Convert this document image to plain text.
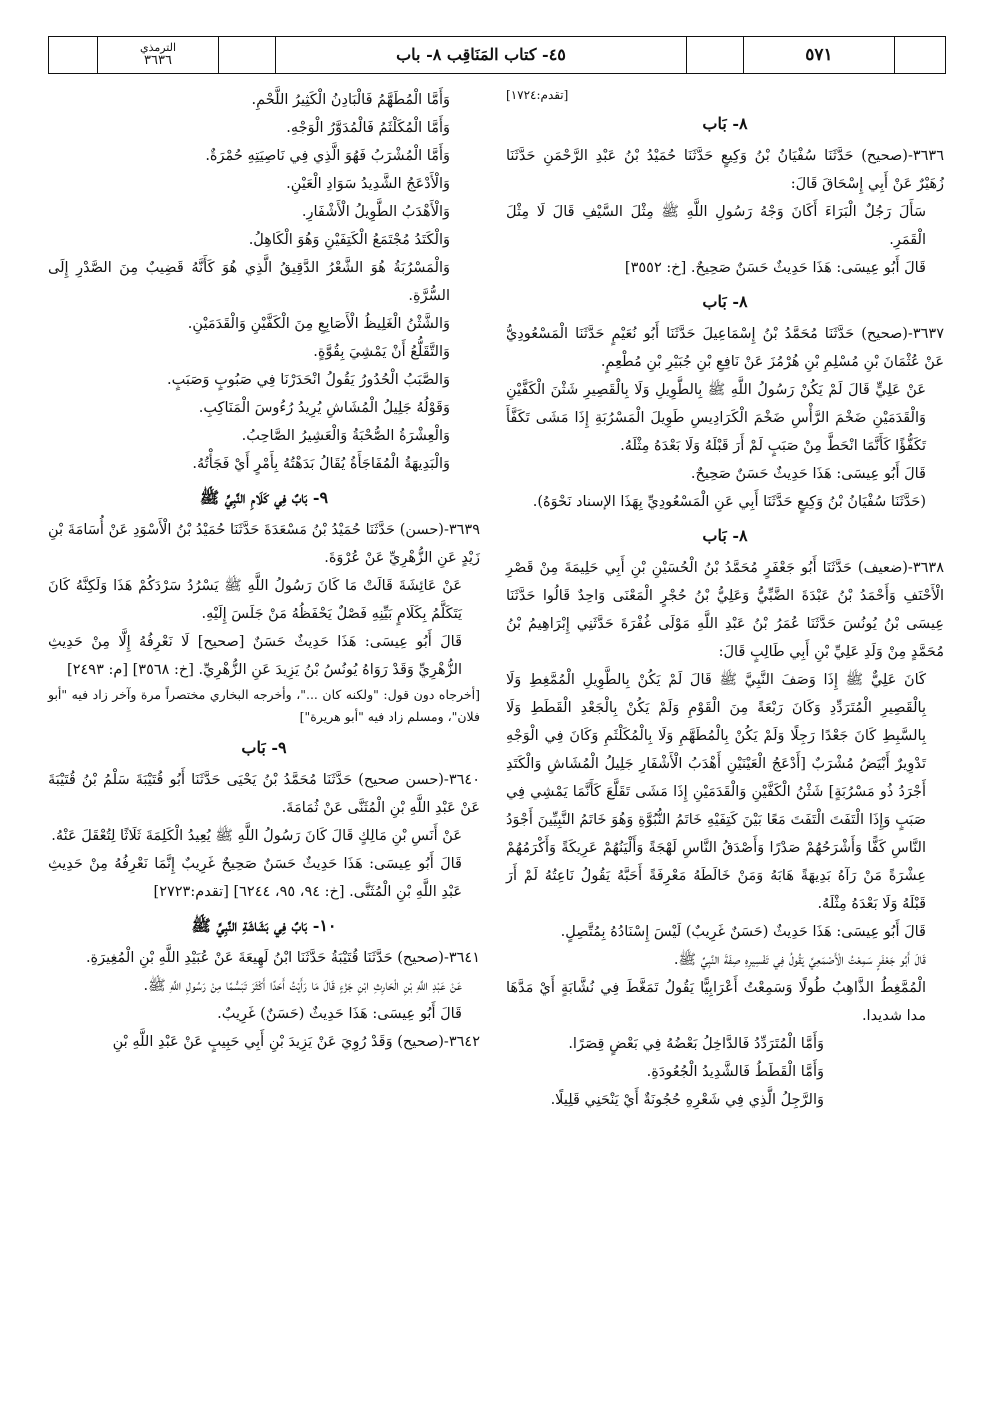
الترمذي
٣٦٣٦	٤٥- كتاب المَنَاقِب ٨- باب	٥٧١

[تقدم:١٧٢٤]

٨- بَاب

٣٦٣٦-(صحيح) حَدَّثَنَا سُفْيَانُ بْنُ وَكِيعٍ حَدَّثَنَا حُمَيْدُ بْنُ عَبْدِ الرَّحْمَنِ حَدَّثَنَا زُهَيْرٌ عَنْ أَبِي إِسْحَاقَ قَالَ:

سَأَلَ رَجُلٌ الْبَرَاءَ أَكَانَ وَجْهُ رَسُولِ اللَّهِ ﷺ مِثْلَ السَّيْفِ قَالَ لَا مِثْلَ الْقَمَرِ.

قَالَ أَبُو عِيسَى: هَذَا حَدِيثٌ حَسَنٌ صَحِيحٌ. [خ: ٣٥٥٢]

٨- بَاب

٣٦٣٧-(صحيح) حَدَّثَنَا مُحَمَّدُ بْنُ إِسْمَاعِيلَ حَدَّثَنَا أَبُو نُعَيْمٍ حَدَّثَنَا الْمَسْعُودِيُّ عَنْ عُثْمَانَ بْنِ مُسْلِمِ بْنِ هُرْمُزَ عَنْ نَافِعِ بْنِ جُبَيْرِ بْنِ مُطْعِمٍ.

عَنْ عَلِيٍّ قَالَ لَمْ يَكُنْ رَسُولُ اللَّهِ ﷺ بِالطَّوِيلِ وَلَا بِالْقَصِيرِ شَثْنَ الْكَفَّيْنِ وَالْقَدَمَيْنِ ضَخْمَ الرَّأْسِ ضَخْمَ الْكَرَادِيسِ طَوِيلَ الْمَسْرُبَةِ إِذَا مَشَى تَكَفَّأَ تَكَفُّؤًا كَأَنَّمَا انْحَطَّ مِنْ صَبَبٍ لَمْ أَرَ قَبْلَهُ وَلَا بَعْدَهُ مِثْلَهُ.

قَالَ أَبُو عِيسَى: هَذَا حَدِيثٌ حَسَنٌ صَحِيحٌ.

(حَدَّثَنَا سُفْيَانُ بْنُ وَكِيعٍ حَدَّثَنَا أَبِي عَنِ الْمَسْعُودِيِّ بِهَذَا الإسناد نَحْوَهُ).

٨- بَاب

٣٦٣٨-(ضعيف) حَدَّثَنَا أَبُو جَعْفَرٍ مُحَمَّدُ بْنُ الْحُسَيْنِ بْنِ أَبِي حَلِيمَةَ مِنْ قَصْرِ الْأَحْنَفِ وَأَحْمَدُ بْنُ عَبْدَةَ الضَّبِّيُّ وَعَلِيُّ بْنُ حُجْرٍ الْمَعْنَى وَاحِدٌ قَالُوا حَدَّثَنَا عِيسَى بْنُ يُونُسَ حَدَّثَنَا عُمَرُ بْنُ عَبْدِ اللَّهِ مَوْلَى غُفْرَةَ حَدَّثَنِي إِبْرَاهِيمُ بْنُ مُحَمَّدٍ مِنْ وَلَدِ عَلِيِّ بْنِ أَبِي طَالِبٍ قَالَ:

كَانَ عَلِيٌّ ﷺ إِذَا وَصَفَ النَّبِيَّ ﷺ قَالَ لَمْ يَكُنْ بِالطَّوِيلِ الْمُمَّغِطِ وَلَا بِالْقَصِيرِ الْمُتَرَدِّدِ وَكَانَ رَبْعَةً مِنَ الْقَوْمِ وَلَمْ يَكُنْ بِالْجَعْدِ الْقَطَطِ وَلَا بِالسَّبِطِ كَانَ جَعْدًا رَجِلًا وَلَمْ يَكُنْ بِالْمُطَهَّمِ وَلَا بِالْمُكَلْثَمِ وَكَانَ فِي الْوَجْهِ تَدْوِيرٌ أَبْيَضُ مُشْرَبٌ [أَدْعَجُ الْعَيْنَيْنِ أَهْدَبُ الْأَشْفَارِ جَلِيلُ الْمُشَاشِ وَالْكَتَدِ أَجْرَدُ ذُو مَسْرُبَةٍ] شَثْنُ الْكَفَّيْنِ وَالْقَدَمَيْنِ إِذَا مَشَى تَقَلَّعَ كَأَنَّمَا يَمْشِي فِي صَبَبٍ وَإِذَا الْتَفَتَ الْتَفَتَ مَعًا بَيْنَ كَتِفَيْهِ خَاتَمُ النُّبُوَّةِ وَهُوَ خَاتَمُ النَّبِيِّينَ أَجْوَدُ النَّاسِ كَفًّا وَأَشْرَحُهُمْ صَدْرًا وَأَصْدَقُ النَّاسِ لَهْجَةً وَأَلْيَنُهُمْ عَرِيكَةً وَأَكْرَمُهُمْ عِشْرَةً مَنْ رَآهُ بَدِيهَةً هَابَهُ وَمَنْ خَالَطَهُ مَعْرِفَةً أَحَبَّهُ يَقُولُ نَاعِتُهُ لَمْ أَرَ قَبْلَهُ وَلَا بَعْدَهُ مِثْلَهُ.

قَالَ أَبُو عِيسَى: هَذَا حَدِيثٌ (حَسَنٌ غَرِيبٌ) لَيْسَ إِسْنَادُهُ بِمُتَّصِلٍ.

قَالَ أَبُو جَعْفَرٍ سَمِعْتُ الْأَصْمَعِيَّ يَقُولُ فِي تَفْسِيرِهِ صِفَةَ النَّبِيِّ ﷺ.

الْمُمَّغِطُ الذَّاهِبُ طُولًا وَسَمِعْتُ أَعْرَابِيًّا يَقُولُ تَمَغَّطَ فِي نُشَّابَةٍ أَيْ مَدَّهَا مدا شديدا.

وَأَمَّا الْمُتَرَدِّدُ فَالدَّاخِلُ بَعْضُهُ فِي بَعْضٍ قِصَرًا.

وَأَمَّا الْقَطَطُ فَالشَّدِيدُ الْجُعُودَةِ.

وَالرَّجِلُ الَّذِي فِي شَعْرِهِ حُجُونَةٌ أَيْ يَنْحَنِي قَلِيلًا.

وَأَمَّا الْمُطَهَّمُ فَالْبَادِنُ الْكَثِيرُ اللَّحْمِ.

وَأَمَّا الْمُكَلْثَمُ فَالْمُدَوَّرُ الْوَجْهِ.

وَأَمَّا الْمُشْرَبُ فَهُوَ الَّذِي فِي نَاصِيَتِهِ حُمْرَةٌ.

وَالْأَدْعَجُ الشَّدِيدُ سَوَادِ الْعَيْنِ.

وَالْأَهْدَبُ الطَّوِيلُ الْأَشْفَارِ.

وَالْكَتَدُ مُجْتَمَعُ الْكَتِفَيْنِ وَهُوَ الْكَاهِلُ.

وَالْمَسْرُبَةُ هُوَ الشَّعْرُ الدَّقِيقُ الَّذِي هُوَ كَأَنَّهُ قَضِيبٌ مِنَ الصَّدْرِ إِلَى السُّرَّةِ.

وَالشَّثْنُ الْغَلِيظُ الْأَصَابِعِ مِنَ الْكَفَّيْنِ وَالْقَدَمَيْنِ.

وَالتَّقَلُّعُ أَنْ يَمْشِيَ بِقُوَّةٍ.

وَالصَّبَبُ الْحُدُورُ يَقُولُ انْحَدَرْنَا فِي صَبُوبٍ وَصَبَبٍ.

وَقَوْلُهُ جَلِيلُ الْمُشَاشِ يُرِيدُ رُءُوسَ الْمَنَاكِبِ.

وَالْعِشْرَةُ الصُّحْبَةُ وَالْعَشِيرُ الصَّاحِبُ.

وَالْبَدِيهَةُ الْمُفَاجَأَةُ يُقَالُ بَدَهْتُهُ بِأَمْرٍ أَيْ فَجَأْتُهُ.

٩- بَابٌ فِي كَلَامِ النَّبِيِّ ﷺ

٣٦٣٩-(حسن) حَدَّثَنَا حُمَيْدُ بْنُ مَسْعَدَةَ حَدَّثَنَا حُمَيْدُ بْنُ الْأَسْوَدِ عَنْ أُسَامَةَ بْنِ زَيْدٍ عَنِ الزُّهْرِيِّ عَنْ عُرْوَةَ.

عَنْ عَائِشَةَ قَالَتْ مَا كَانَ رَسُولُ اللَّهِ ﷺ يَسْرُدُ سَرْدَكُمْ هَذَا وَلَكِنَّهُ كَانَ يَتَكَلَّمُ بِكَلَامٍ بَيِّنِهِ فَصْلٌ يَحْفَظُهُ مَنْ جَلَسَ إِلَيْهِ.

قَالَ أَبُو عِيسَى: هَذَا حَدِيثٌ حَسَنٌ [صحيح] لَا نَعْرِفُهُ إِلَّا مِنْ حَدِيثِ الزُّهْرِيِّ وَقَدْ رَوَاهُ يُونُسُ بْنُ يَزِيدَ عَنِ الزُّهْرِيِّ. [خ: ٣٥٦٨] [م: ٢٤٩٣]

[أخرجاه دون قول: "ولكنه كان ..."، وأخرجه البخاري مختصراً مرة وآخر زاد فيه "أبو فلان"، ومسلم زاد فيه "أبو هريرة"]

٩- بَاب

٣٦٤٠-(حسن صحيح) حَدَّثَنَا مُحَمَّدُ بْنُ يَحْيَى حَدَّثَنَا أَبُو قُتَيْبَةَ سَلْمُ بْنُ قُتَيْبَةَ عَنْ عَبْدِ اللَّهِ بْنِ الْمُثَنَّى عَنْ ثُمَامَةَ.

عَنْ أَنَسِ بْنِ مَالِكٍ قَالَ كَانَ رَسُولُ اللَّهِ ﷺ يُعِيدُ الْكَلِمَةَ ثَلَاثًا لِتُعْقَلَ عَنْهُ.

قَالَ أَبُو عِيسَى: هَذَا حَدِيثٌ حَسَنٌ صَحِيحٌ غَرِيبٌ إِنَّمَا نَعْرِفُهُ مِنْ حَدِيثِ عَبْدِ اللَّهِ بْنِ الْمُثَنَّى. [خ: ٩٤، ٩٥، ٦٢٤٤] [تقدم:٢٧٢٣]

١٠- بَابٌ فِي بَشَاشَةِ النَّبِيِّ ﷺ

٣٦٤١-(صحيح) حَدَّثَنَا قُتَيْبَةُ حَدَّثَنَا ابْنُ لَهِيعَةَ عَنْ عُبَيْدِ اللَّهِ بْنِ الْمُغِيرَةِ.

عَنْ عَبْدِ اللَّهِ بْنِ الْحَارِثِ ابْنِ جَزْءٍ قَالَ مَا رَأَيْتُ أَحَدًا أَكْثَرَ تَبَسُّمًا مِنْ رَسُولِ اللَّهِ ﷺ.

قَالَ أَبُو عِيسَى: هَذَا حَدِيثٌ (حَسَنٌ) غَرِيبٌ.

٣٦٤٢-(صحيح) وَقَدْ رُوِيَ عَنْ يَزِيدَ بْنِ أَبِي حَبِيبٍ عَنْ عَبْدِ اللَّهِ بْنِ
